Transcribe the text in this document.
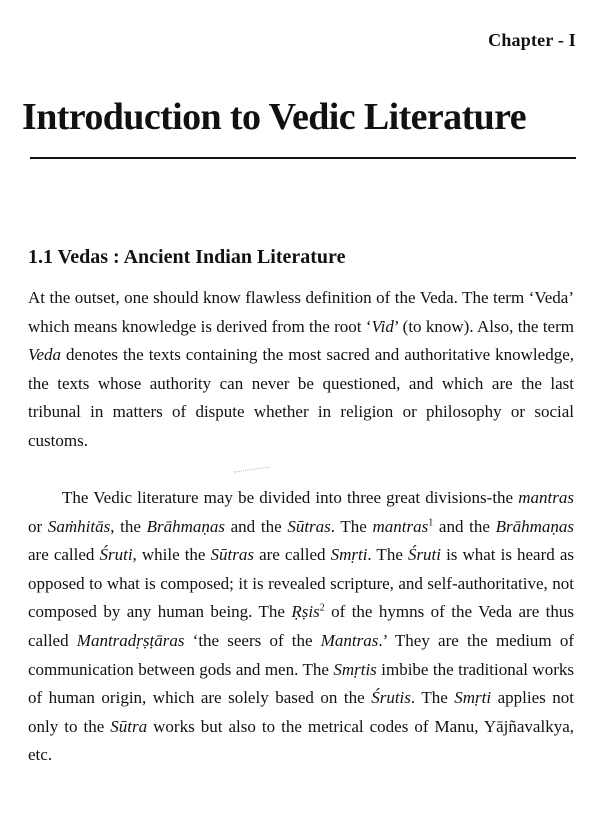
Chapter - I
Introduction to Vedic Literature
1.1 Vedas : Ancient Indian Literature

At the outset, one should know flawless definition of the Veda. The term ‘Veda’ which means knowledge is derived from the root ‘Vid’ (to know). Also, the term Veda denotes the texts containing the most sacred and authoritative knowledge, the texts whose authority can never be questioned, and which are the last tribunal in matters of dispute whether in religion or philosophy or social customs.

The Vedic literature may be divided into three great divisions-the mantras or Saṁhitās, the Brāhmaṇas and the Sūtras. The mantras$^1$ and the Brāhmaṇas are called Śruti, while the Sūtras are called Smṛti. The Śruti is what is heard as opposed to what is composed; it is revealed scripture, and self-authoritative, not composed by any human being. The Ṛṣis$^2$ of the hymns of the Veda are thus called Mantradṛṣṭāras ‘the seers of the Mantras.’ They are the medium of communication between gods and men. The Smṛtis imbibe the traditional works of human origin, which are solely based on the Śrutis. The Smṛti applies not only to the Sūtra works but also to the metrical codes of Manu, Yājñavalkya, etc.
